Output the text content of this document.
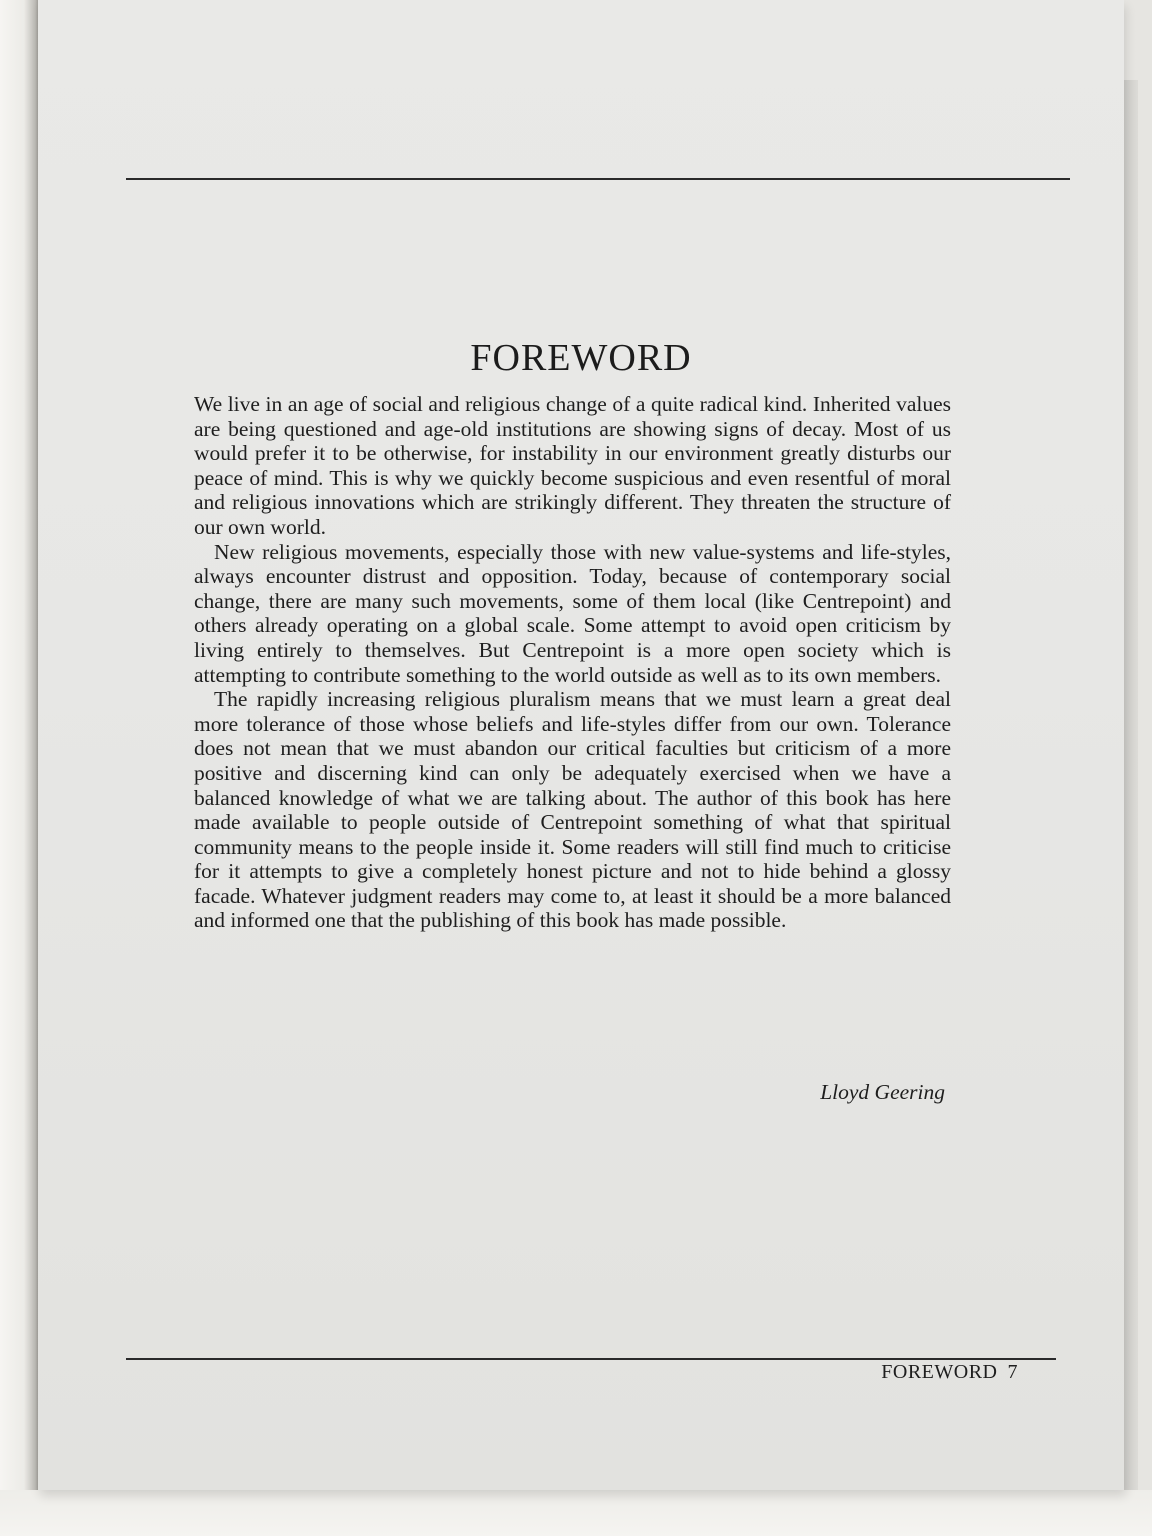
FOREWORD

We live in an age of social and religious change of a quite radical kind. Inherited values are being questioned and age-old institutions are showing signs of decay. Most of us would prefer it to be otherwise, for instability in our environment greatly disturbs our peace of mind. This is why we quickly become suspicious and even resentful of moral and religious innovations which are strikingly different. They threaten the structure of our own world.

New religious movements, especially those with new value-systems and life-styles, always encounter distrust and opposition. Today, because of contemporary social change, there are many such movements, some of them local (like Centrepoint) and others already operating on a global scale. Some attempt to avoid open criticism by living entirely to themselves. But Centrepoint is a more open society which is attempting to contribute something to the world outside as well as to its own members.

The rapidly increasing religious pluralism means that we must learn a great deal more tolerance of those whose beliefs and life-styles differ from our own. Tolerance does not mean that we must abandon our critical faculties but criticism of a more positive and discerning kind can only be adequately exercised when we have a balanced knowledge of what we are talking about. The author of this book has here made available to people outside of Centrepoint something of what that spiritual community means to the people inside it. Some readers will still find much to criticise for it attempts to give a completely honest picture and not to hide behind a glossy facade. Whatever judgment readers may come to, at least it should be a more balanced and informed one that the publishing of this book has made possible.

Lloyd Geering
FOREWORD 7
